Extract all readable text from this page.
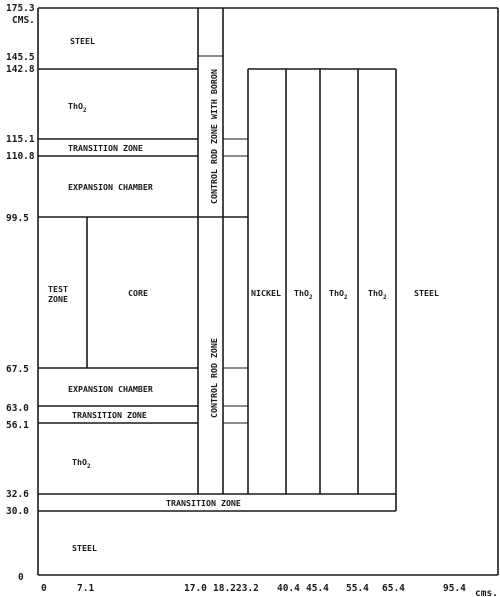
175.3
CMS.
145.5
142.8
115.1
110.8
99.5
67.5
63.0
56.1
32.6
30.0
0
0	7.1	17.0 18.2 23.2 40.4 45.4 55.4 65.4	95.4 cms.
STEEL
ThO$_2$
TRANSITION ZONE
EXPANSION CHAMBER
TEST
ZONE
CORE
EXPANSION CHAMBER
TRANSITION ZONE
ThO$_2$
TRANSITION ZONE
STEEL
CONTROL ROD ZONE WITH BORON
CONTROL ROD ZONE
NICKEL ThO$_2$ ThO$_2$ ThO$_2$	STEEL
